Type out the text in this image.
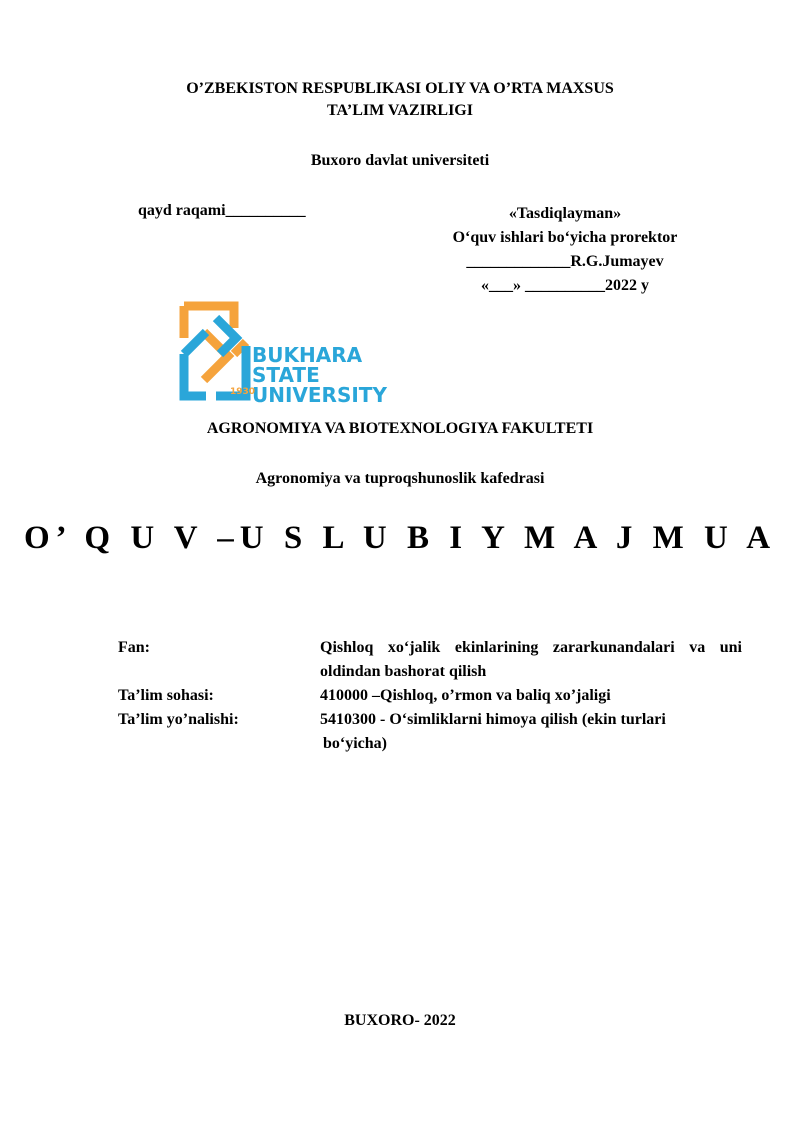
O’ZBEKISTON RESPUBLIKASI OLIY VA O’RTA MAXSUS
TA’LIM VAZIRLIGI
Buxoro davlat universiteti
qayd raqami__________	«Tasdiqlayman»
O‘quv ishlari bo‘yicha prorektor
_____________R.G.Jumayev
«___» __________2022 y
BUKHARA
STATE
UNIVERSITY
1930
AGRONOMIYA VA BIOTEXNOLOGIYA FAKULTETI
Agronomiya va tuproqshunoslik kafedrasi
O’ Q U V –U S L U B I Y M A J M U A
Fan:	Qishloq xo‘jalik ekinlarining zararkunandalari va uni oldindan bashorat qilish
Ta’lim sohasi:	410000 –Qishloq, o’rmon va baliq xo’jaligi
Ta’lim yo’nalishi:	5410300 - O‘simliklarni himoya qilish (ekin turlari
bo‘yicha)
BUXORO- 2022
